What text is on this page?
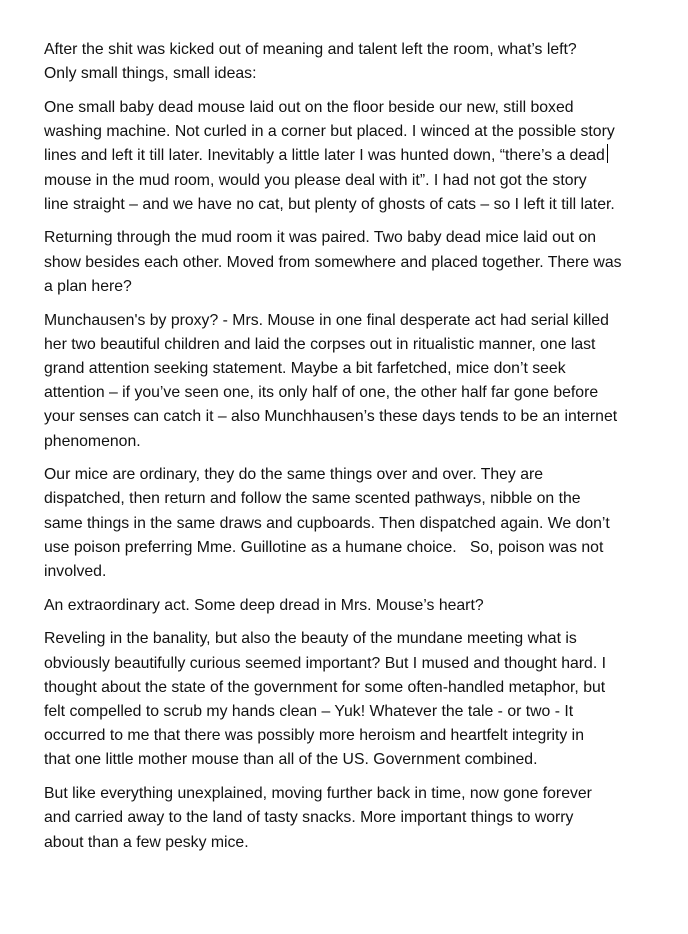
After the shit was kicked out of meaning and talent left the room, what’s left?
Only small things, small ideas:
One small baby dead mouse laid out on the floor beside our new, still boxed
washing machine. Not curled in a corner but placed. I winced at the possible story
lines and left it till later. Inevitably a little later I was hunted down, “there’s a dead
mouse in the mud room, would you please deal with it”. I had not got the story
line straight – and we have no cat, but plenty of ghosts of cats – so I left it till later.
Returning through the mud room it was paired. Two baby dead mice laid out on
show besides each other. Moved from somewhere and placed together. There was
a plan here?
Munchausen's by proxy? - Mrs. Mouse in one final desperate act had serial killed
her two beautiful children and laid the corpses out in ritualistic manner, one last
grand attention seeking statement. Maybe a bit farfetched, mice don’t seek
attention – if you’ve seen one, its only half of one, the other half far gone before
your senses can catch it – also Munchhausen’s these days tends to be an internet
phenomenon.
Our mice are ordinary, they do the same things over and over. They are
dispatched, then return and follow the same scented pathways, nibble on the
same things in the same draws and cupboards. Then dispatched again. We don’t
use poison preferring Mme. Guillotine as a humane choice.   So, poison was not
involved.
An extraordinary act. Some deep dread in Mrs. Mouse’s heart?
Reveling in the banality, but also the beauty of the mundane meeting what is
obviously beautifully curious seemed important? But I mused and thought hard. I
thought about the state of the government for some often-handled metaphor, but
felt compelled to scrub my hands clean – Yuk! Whatever the tale - or two - It
occurred to me that there was possibly more heroism and heartfelt integrity in
that one little mother mouse than all of the US. Government combined.
But like everything unexplained, moving further back in time, now gone forever
and carried away to the land of tasty snacks. More important things to worry
about than a few pesky mice.
